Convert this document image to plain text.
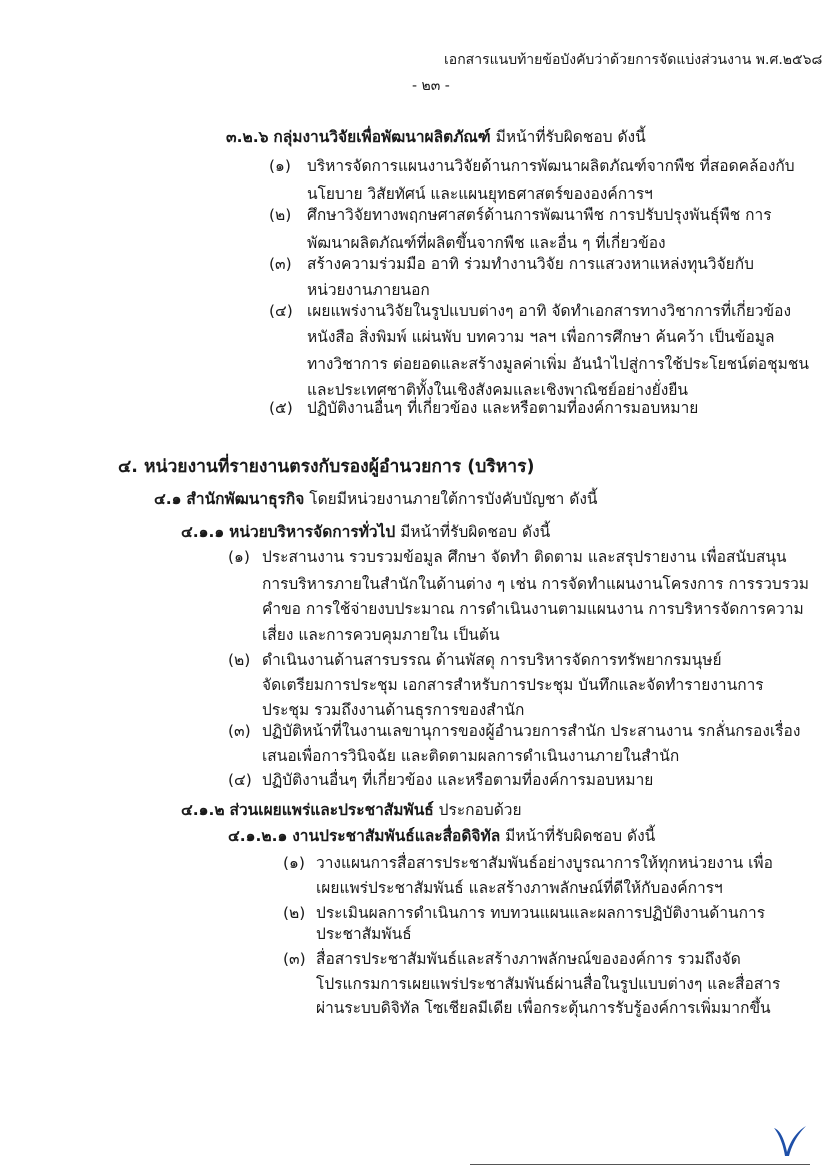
เอกสารแนบท้ายข้อบังคับว่าด้วยการจัดแบ่งส่วนงาน พ.ศ.๒๕๖๘
- ๒๓ -
๓.๒.๖ กลุ่มงานวิจัยเพื่อพัฒนาผลิตภัณฑ์ มีหน้าที่รับผิดชอบ ดังนี้
(๑) บริหารจัดการแผนงานวิจัยด้านการพัฒนาผลิตภัณฑ์จากพืช ที่สอดคล้องกับ
นโยบาย วิสัยทัศน์ และแผนยุทธศาสตร์ขององค์การฯ
(๒) ศึกษาวิจัยทางพฤกษศาสตร์ด้านการพัฒนาพืช การปรับปรุงพันธุ์พืช การ
พัฒนาผลิตภัณฑ์ที่ผลิตขึ้นจากพืช และอื่น ๆ ที่เกี่ยวข้อง
(๓) สร้างความร่วมมือ อาทิ ร่วมทำงานวิจัย การแสวงหาแหล่งทุนวิจัยกับ
หน่วยงานภายนอก
(๔) เผยแพร่งานวิจัยในรูปแบบต่างๆ อาทิ จัดทำเอกสารทางวิชาการที่เกี่ยวข้อง
หนังสือ สิ่งพิมพ์ แผ่นพับ บทความ ฯลฯ เพื่อการศึกษา ค้นคว้า เป็นข้อมูล
ทางวิชาการ ต่อยอดและสร้างมูลค่าเพิ่ม อันนำไปสู่การใช้ประโยชน์ต่อชุมชน
และประเทศชาติทั้งในเชิงสังคมและเชิงพาณิชย์อย่างยั่งยืน
(๕) ปฏิบัติงานอื่นๆ ที่เกี่ยวข้อง และหรือตามที่องค์การมอบหมาย
๔. หน่วยงานที่รายงานตรงกับรองผู้อำนวยการ (บริหาร)
๔.๑ สำนักพัฒนาธุรกิจ โดยมีหน่วยงานภายใต้การบังคับบัญชา ดังนี้
๔.๑.๑ หน่วยบริหารจัดการทั่วไป มีหน้าที่รับผิดชอบ ดังนี้
(๑) ประสานงาน รวบรวมข้อมูล ศึกษา จัดทำ ติดตาม และสรุปรายงาน เพื่อสนับสนุน
การบริหารภายในสำนักในด้านต่าง ๆ เช่น การจัดทำแผนงานโครงการ การรวบรวม
คำขอ การใช้จ่ายงบประมาณ การดำเนินงานตามแผนงาน การบริหารจัดการความ
เสี่ยง และการควบคุมภายใน เป็นต้น
(๒) ดำเนินงานด้านสารบรรณ ด้านพัสดุ การบริหารจัดการทรัพยากรมนุษย์
จัดเตรียมการประชุม เอกสารสำหรับการประชุม บันทึกและจัดทำรายงานการ
ประชุม รวมถึงงานด้านธุรการของสำนัก
(๓) ปฏิบัติหน้าที่ในงานเลขานุการของผู้อำนวยการสำนัก ประสานงาน รกลั่นกรองเรื่อง
เสนอเพื่อการวินิจฉัย และติดตามผลการดำเนินงานภายในสำนัก
(๔) ปฏิบัติงานอื่นๆ ที่เกี่ยวข้อง และหรือตามที่องค์การมอบหมาย
๔.๑.๒ ส่วนเผยแพร่และประชาสัมพันธ์ ประกอบด้วย
๔.๑.๒.๑ งานประชาสัมพันธ์และสื่อดิจิทัล มีหน้าที่รับผิดชอบ ดังนี้
(๑) วางแผนการสื่อสารประชาสัมพันธ์อย่างบูรณาการให้ทุกหน่วยงาน เพื่อ
เผยแพร่ประชาสัมพันธ์ และสร้างภาพลักษณ์ที่ดีให้กับองค์การฯ
(๒) ประเมินผลการดำเนินการ ทบทวนแผนและผลการปฏิบัติงานด้านการ
ประชาสัมพันธ์
(๓) สื่อสารประชาสัมพันธ์และสร้างภาพลักษณ์ขององค์การ รวมถึงจัด
โปรแกรมการเผยแพร่ประชาสัมพันธ์ผ่านสื่อในรูปแบบต่างๆ และสื่อสาร
ผ่านระบบดิจิทัล โซเชียลมีเดีย เพื่อกระตุ้นการรับรู้องค์การเพิ่มมากขึ้น
